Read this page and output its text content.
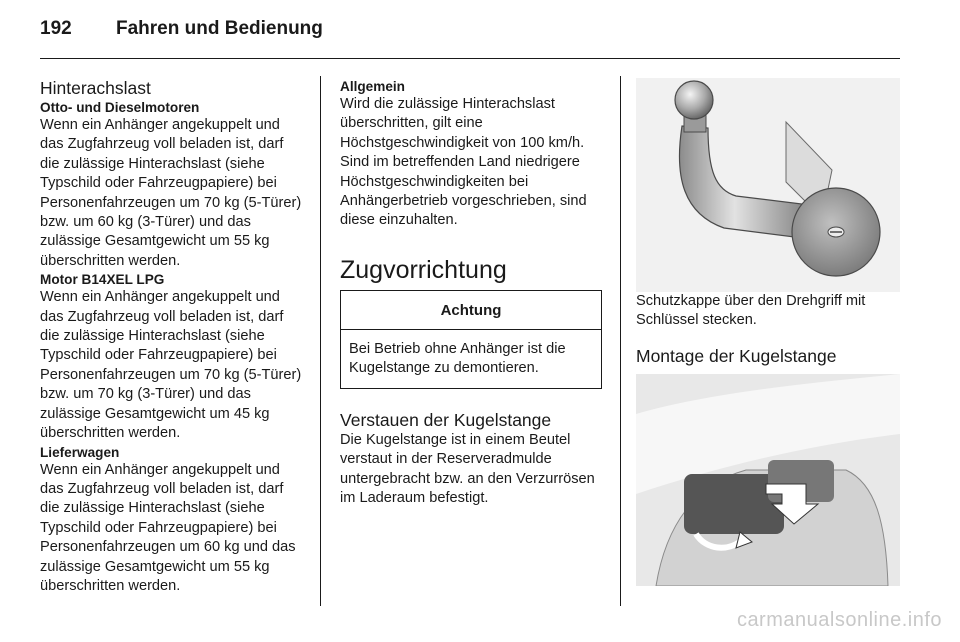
192 Fahren und Bedienung
Hinterachslast
Otto- und Dieselmotoren

Wenn ein Anhänger angekuppelt und das Zugfahrzeug voll beladen ist, darf die zulässige Hinterachslast (siehe Typschild oder Fahrzeugpapiere) bei Personenfahrzeugen um 70 kg (5-Türer) bzw. um 60 kg (3-Türer) und das zulässige Gesamtgewicht um 55 kg überschritten werden.

Motor B14XEL LPG

Wenn ein Anhänger angekuppelt und das Zugfahrzeug voll beladen ist, darf die zulässige Hinterachslast (siehe Typschild oder Fahrzeugpapiere) bei Personenfahrzeugen um 70 kg (5-Türer) bzw. um 70 kg (3-Türer) und das zulässige Gesamtgewicht um 45 kg überschritten werden.

Lieferwagen

Wenn ein Anhänger angekuppelt und das Zugfahrzeug voll beladen ist, darf die zulässige Hinterachslast (siehe Typschild oder Fahrzeugpapiere) bei Personenfahrzeugen um 60 kg und das zulässige Gesamtgewicht um 55 kg überschritten werden.

Allgemein

Wird die zulässige Hinterachslast überschritten, gilt eine Höchstgeschwindigkeit von 100 km/h. Sind im betreffenden Land niedrigere Höchstgeschwindigkeiten bei Anhängerbetrieb vorgeschrieben, sind diese einzuhalten.

Zugvorrichtung
Achtung
Bei Betrieb ohne Anhänger ist die Kugelstange zu demontieren.
Verstauen der Kugelstange

Die Kugelstange ist in einem Beutel verstaut in der Reserveradmulde untergebracht bzw. an den Verzurrösen im Laderaum befestigt.

Schutzkappe über den Drehgriff mit Schlüssel stecken.

Montage der Kugelstange
carmanualsonline.info
